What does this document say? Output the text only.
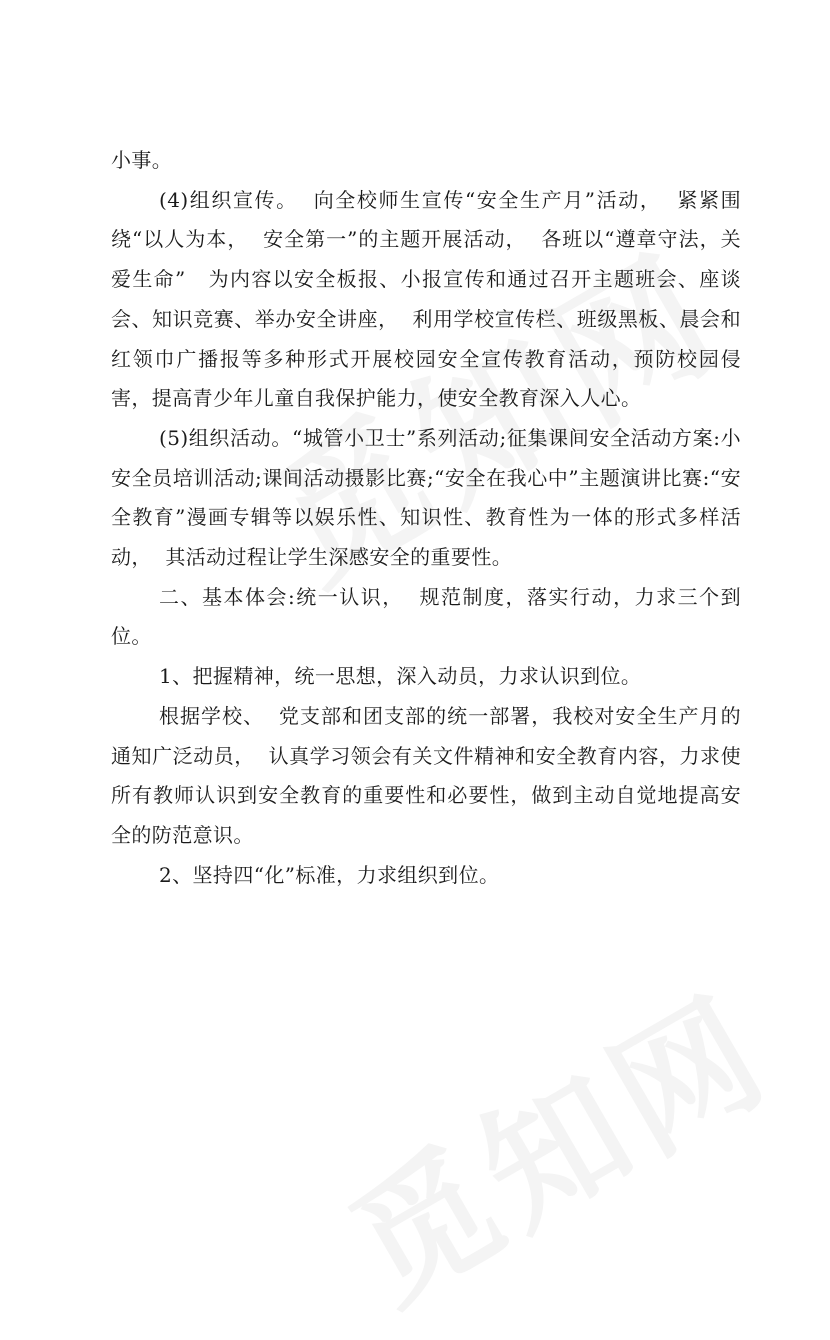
小事。

(4)组织宣传。  向全校师生宣传“安全生产月”活动，  紧紧围绕“以人为本，  安全第一”的主题开展活动，  各班以“遵章守法，关爱生命”   为内容以安全板报、小报宣传和通过召开主题班会、座谈会、知识竞赛、举办安全讲座，  利用学校宣传栏、班级黑板、晨会和红领巾广播报等多种形式开展校园安全宣传教育活动，预防校园侵害，提高青少年儿童自我保护能力，使安全教育深入人心。

(5)组织活动。“城管小卫士”系列活动;征集课间安全活动方案:小安全员培训活动;课间活动摄影比赛;“安全在我心中”主题演讲比赛:“安全教育”漫画专辑等以娱乐性、知识性、教育性为一体的形式多样活动，  其活动过程让学生深感安全的重要性。

二、基本体会:统一认识，  规范制度，落实行动，力求三个到位。

1、把握精神，统一思想，深入动员，力求认识到位。

根据学校、  党支部和团支部的统一部署，我校对安全生产月的通知广泛动员，  认真学习领会有关文件精神和安全教育内容，力求使所有教师认识到安全教育的重要性和必要性，做到主动自觉地提高安全的防范意识。

2、坚持四“化”标准，力求组织到位。
